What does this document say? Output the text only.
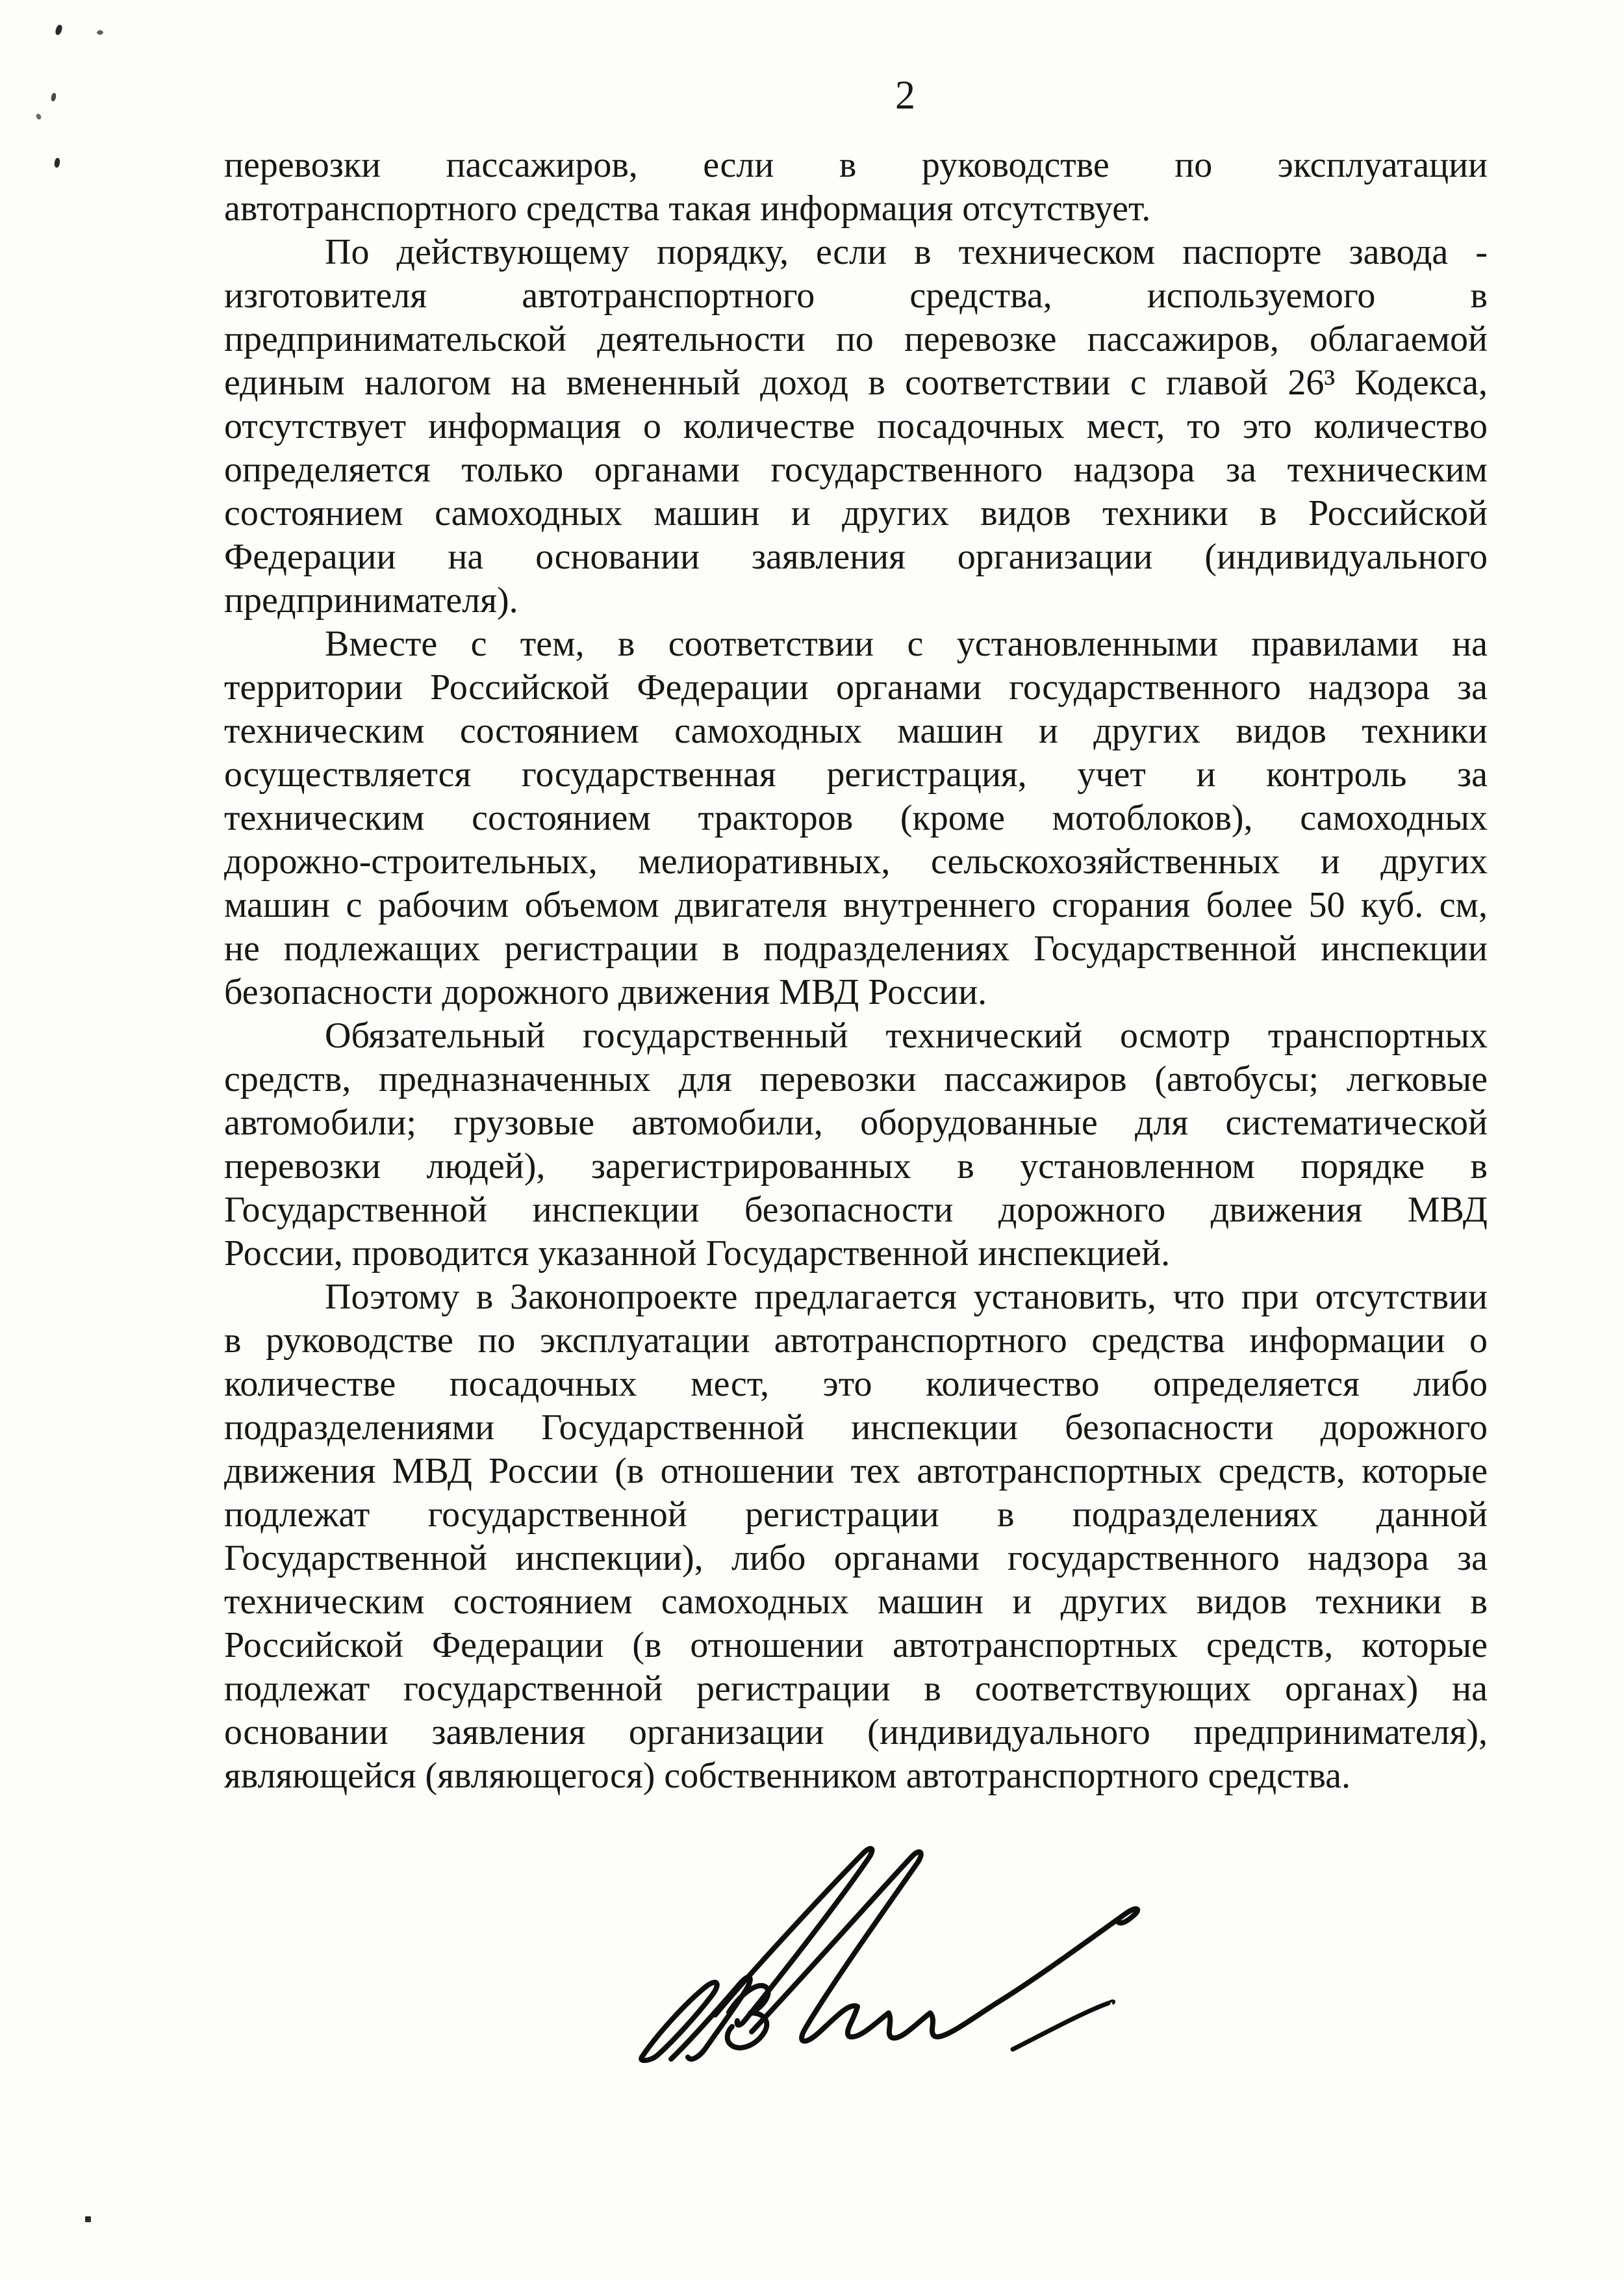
2
перевозки пассажиров, если в руководстве по эксплуатации
автотранспортного средства такая информация отсутствует.
По действующему порядку, если в техническом паспорте завода -
изготовителя автотранспортного средства, используемого в
предпринимательской деятельности по перевозке пассажиров, облагаемой
единым налогом на вмененный доход в соответствии с главой 26³ Кодекса,
отсутствует информация о количестве посадочных мест, то это количество
определяется только органами государственного надзора за техническим
состоянием самоходных машин и других видов техники в Российской
Федерации на основании заявления организации (индивидуального
предпринимателя).
Вместе с тем, в соответствии с установленными правилами на
территории Российской Федерации органами государственного надзора за
техническим состоянием самоходных машин и других видов техники
осуществляется государственная регистрация, учет и контроль за
техническим состоянием тракторов (кроме мотоблоков), самоходных
дорожно-строительных, мелиоративных, сельскохозяйственных и других
машин с рабочим объемом двигателя внутреннего сгорания более 50 куб. см,
не подлежащих регистрации в подразделениях Государственной инспекции
безопасности дорожного движения МВД России.
Обязательный государственный технический осмотр транспортных
средств, предназначенных для перевозки пассажиров (автобусы; легковые
автомобили; грузовые автомобили, оборудованные для систематической
перевозки людей), зарегистрированных в установленном порядке в
Государственной инспекции безопасности дорожного движения МВД
России, проводится указанной Государственной инспекцией.
Поэтому в Законопроекте предлагается установить, что при отсутствии
в руководстве по эксплуатации автотранспортного средства информации о
количестве посадочных мест, это количество определяется либо
подразделениями Государственной инспекции безопасности дорожного
движения МВД России (в отношении тех автотранспортных средств, которые
подлежат государственной регистрации в подразделениях данной
Государственной инспекции), либо органами государственного надзора за
техническим состоянием самоходных машин и других видов техники в
Российской Федерации (в отношении автотранспортных средств, которые
подлежат государственной регистрации в соответствующих органах) на
основании заявления организации (индивидуального предпринимателя),
являющейся (являющегося) собственником автотранспортного средства.
